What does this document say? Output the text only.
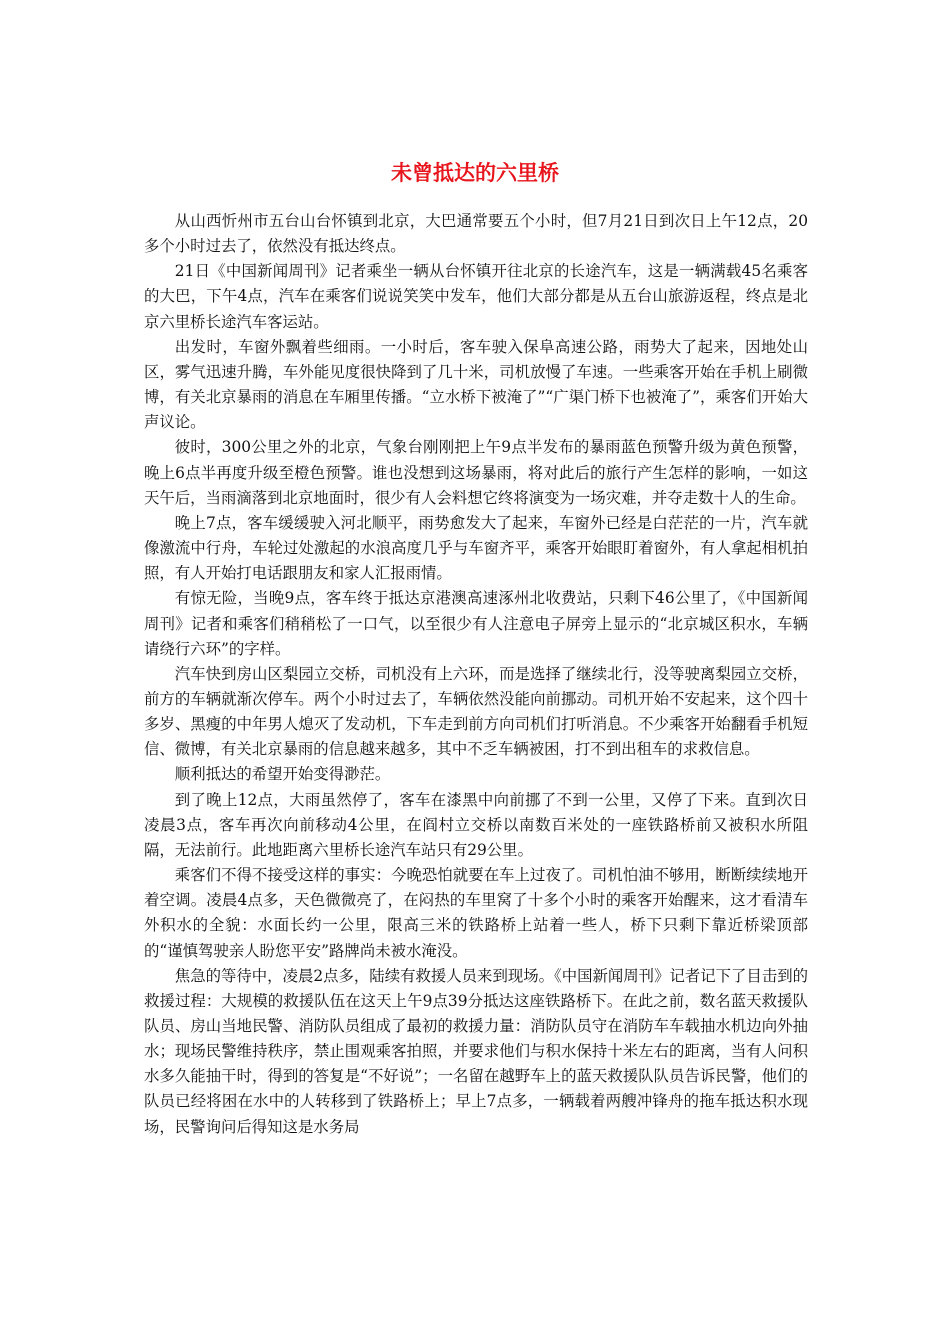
未曾抵达的六里桥

从山西忻州市五台山台怀镇到北京，大巴通常要五个小时，但7月21日到次日上午12点，20多个小时过去了，依然没有抵达终点。

21日《中国新闻周刊》记者乘坐一辆从台怀镇开往北京的长途汽车，这是一辆满载45名乘客的大巴，下午4点，汽车在乘客们说说笑笑中发车，他们大部分都是从五台山旅游返程，终点是北京六里桥长途汽车客运站。

出发时，车窗外飘着些细雨。一小时后，客车驶入保阜高速公路，雨势大了起来，因地处山区，雾气迅速升腾，车外能见度很快降到了几十米，司机放慢了车速。一些乘客开始在手机上刷微博，有关北京暴雨的消息在车厢里传播。“立水桥下被淹了”“广渠门桥下也被淹了”，乘客们开始大声议论。

彼时，300公里之外的北京，气象台刚刚把上午9点半发布的暴雨蓝色预警升级为黄色预警，晚上6点半再度升级至橙色预警。谁也没想到这场暴雨，将对此后的旅行产生怎样的影响，一如这天午后，当雨滴落到北京地面时，很少有人会料想它终将演变为一场灾难，并夺走数十人的生命。

晚上7点，客车缓缓驶入河北顺平，雨势愈发大了起来，车窗外已经是白茫茫的一片，汽车就像激流中行舟，车轮过处激起的水浪高度几乎与车窗齐平，乘客开始眼盯着窗外，有人拿起相机拍照，有人开始打电话跟朋友和家人汇报雨情。

有惊无险，当晚9点，客车终于抵达京港澳高速涿州北收费站，只剩下46公里了，《中国新闻周刊》记者和乘客们稍稍松了一口气，以至很少有人注意电子屏旁上显示的“北京城区积水，车辆请绕行六环”的字样。

汽车快到房山区梨园立交桥，司机没有上六环，而是选择了继续北行，没等驶离梨园立交桥，前方的车辆就渐次停车。两个小时过去了，车辆依然没能向前挪动。司机开始不安起来，这个四十多岁、黑瘦的中年男人熄灭了发动机，下车走到前方向司机们打听消息。不少乘客开始翻看手机短信、微博，有关北京暴雨的信息越来越多，其中不乏车辆被困，打不到出租车的求救信息。

顺利抵达的希望开始变得渺茫。

到了晚上12点，大雨虽然停了，客车在漆黑中向前挪了不到一公里，又停了下来。直到次日凌晨3点，客车再次向前移动4公里，在阎村立交桥以南数百米处的一座铁路桥前又被积水所阻隔，无法前行。此地距离六里桥长途汽车站只有29公里。

乘客们不得不接受这样的事实：今晚恐怕就要在车上过夜了。司机怕油不够用，断断续续地开着空调。凌晨4点多，天色微微亮了，在闷热的车里窝了十多个小时的乘客开始醒来，这才看清车外积水的全貌：水面长约一公里，限高三米的铁路桥上站着一些人，桥下只剩下靠近桥梁顶部的“谨慎驾驶亲人盼您平安”路牌尚未被水淹没。

焦急的等待中，凌晨2点多，陆续有救援人员来到现场。《中国新闻周刊》记者记下了目击到的救援过程：大规模的救援队伍在这天上午9点39分抵达这座铁路桥下。在此之前，数名蓝天救援队队员、房山当地民警、消防队员组成了最初的救援力量：消防队员守在消防车车载抽水机边向外抽水；现场民警维持秩序，禁止围观乘客拍照，并要求他们与积水保持十米左右的距离，当有人问积水多久能抽干时，得到的答复是“不好说”；一名留在越野车上的蓝天救援队队员告诉民警，他们的队员已经将困在水中的人转移到了铁路桥上；早上7点多，一辆载着两艘冲锋舟的拖车抵达积水现场，民警询问后得知这是水务局
